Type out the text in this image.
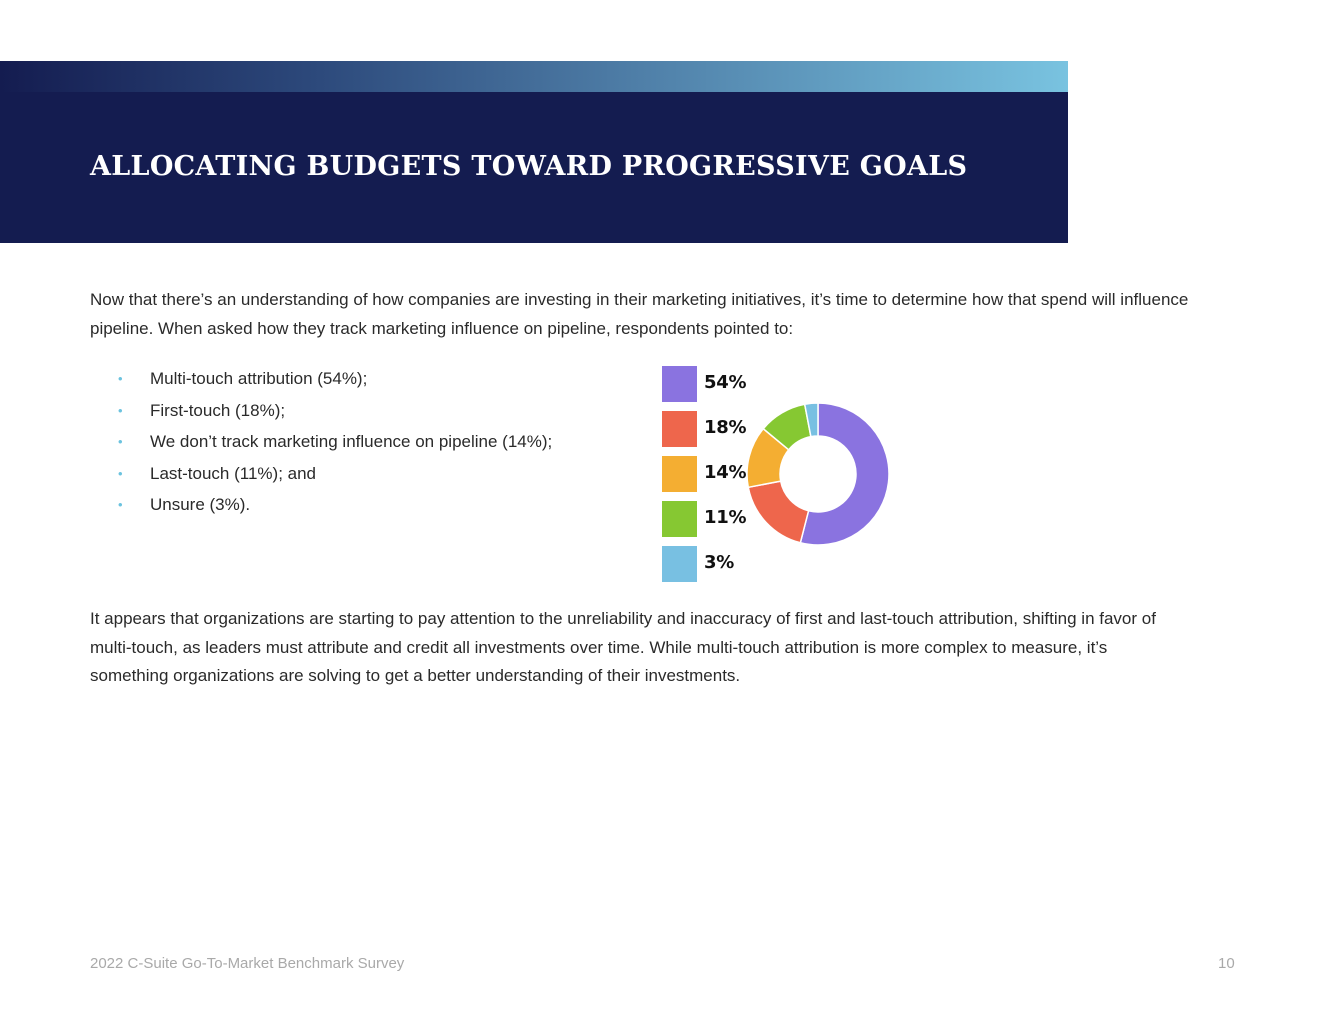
ALLOCATING BUDGETS TOWARD PROGRESSIVE GOALS

Now that there’s an understanding of how companies are investing in their marketing initiatives, it’s time to determine how that spend will influence pipeline. When asked how they track marketing influence on pipeline, respondents pointed to:

• Multi-touch attribution (54%);
• First-touch (18%);
• We don’t track marketing influence on pipeline (14%);
• Last-touch (11%); and
• Unsure (3%).
54%
18%
14%
11%
3%

It appears that organizations are starting to pay attention to the unreliability and inaccuracy of first and last-touch attribution, shifting in favor of multi-touch, as leaders must attribute and credit all investments over time. While multi-touch attribution is more complex to measure, it’s something organizations are solving to get a better understanding of their investments.

2022 C-Suite Go-To-Market Benchmark Survey	10
